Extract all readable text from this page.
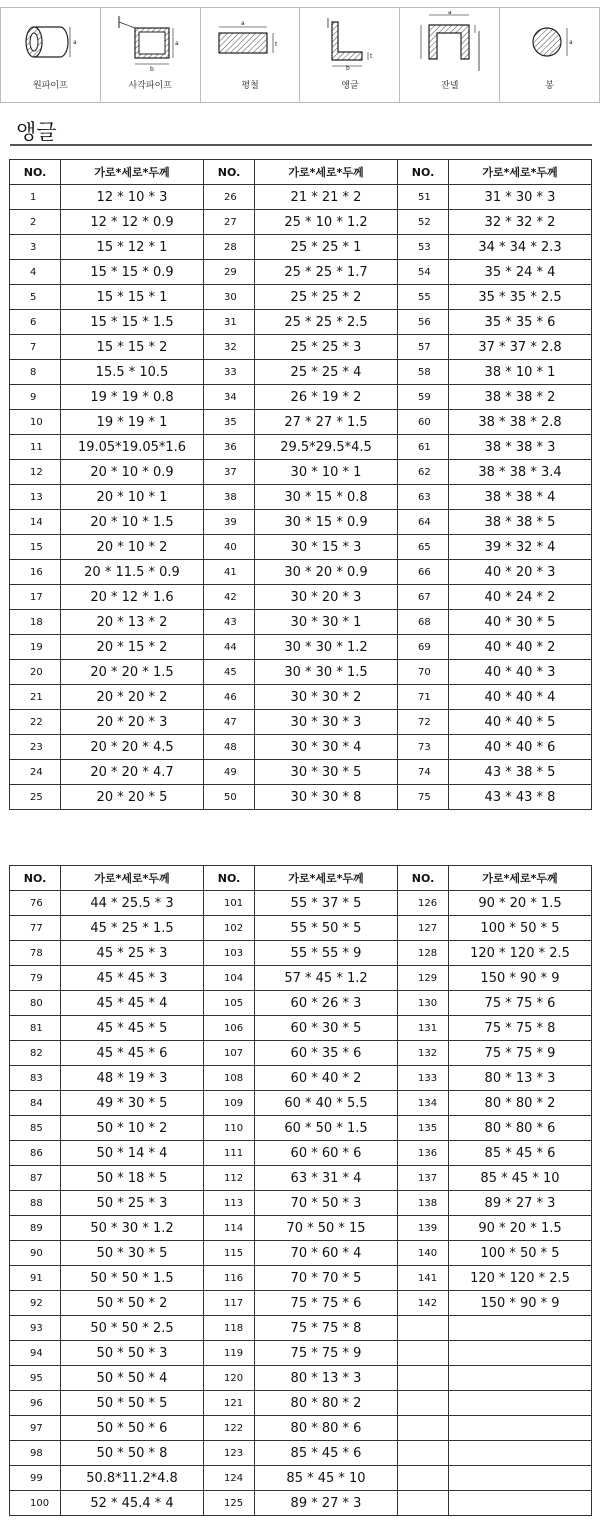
a
원파이프
a
b
사각파이프
a
t
평철
t
b
앵글
a
잔넬
a
봉
앵글
NO.	가로*세로*두께	NO.	가로*세로*두께	NO.	가로*세로*두께
1	12 * 10 * 3	26	21 * 21 * 2	51	31 * 30 * 3
2	12 * 12 * 0.9	27	25 * 10 * 1.2	52	32 * 32 * 2
3	15 * 12 * 1	28	25 * 25 * 1	53	34 * 34 * 2.3
4	15 * 15 * 0.9	29	25 * 25 * 1.7	54	35 * 24 * 4
5	15 * 15 * 1	30	25 * 25 * 2	55	35 * 35 * 2.5
6	15 * 15 * 1.5	31	25 * 25 * 2.5	56	35 * 35 * 6
7	15 * 15 * 2	32	25 * 25 * 3	57	37 * 37 * 2.8
8	15.5 * 10.5	33	25 * 25 * 4	58	38 * 10 * 1
9	19 * 19 * 0.8	34	26 * 19 * 2	59	38 * 38 * 2
10	19 * 19 * 1	35	27 * 27 * 1.5	60	38 * 38 * 2.8
11	19.05*19.05*1.6	36	29.5*29.5*4.5	61	38 * 38 * 3
12	20 * 10 * 0.9	37	30 * 10 * 1	62	38 * 38 * 3.4
13	20 * 10 * 1	38	30 * 15 * 0.8	63	38 * 38 * 4
14	20 * 10 * 1.5	39	30 * 15 * 0.9	64	38 * 38 * 5
15	20 * 10 * 2	40	30 * 15 * 3	65	39 * 32 * 4
16	20 * 11.5 * 0.9	41	30 * 20 * 0.9	66	40 * 20 * 3
17	20 * 12 * 1.6	42	30 * 20 * 3	67	40 * 24 * 2
18	20 * 13 * 2	43	30 * 30 * 1	68	40 * 30 * 5
19	20 * 15 * 2	44	30 * 30 * 1.2	69	40 * 40 * 2
20	20 * 20 * 1.5	45	30 * 30 * 1.5	70	40 * 40 * 3
21	20 * 20 * 2	46	30 * 30 * 2	71	40 * 40 * 4
22	20 * 20 * 3	47	30 * 30 * 3	72	40 * 40 * 5
23	20 * 20 * 4.5	48	30 * 30 * 4	73	40 * 40 * 6
24	20 * 20 * 4.7	49	30 * 30 * 5	74	43 * 38 * 5
25	20 * 20 * 5	50	30 * 30 * 8	75	43 * 43 * 8
NO.	가로*세로*두께	NO.	가로*세로*두께	NO.	가로*세로*두께
76	44 * 25.5 * 3	101	55 * 37 * 5	126	90 * 20 * 1.5
77	45 * 25 * 1.5	102	55 * 50 * 5	127	100 * 50 * 5
78	45 * 25 * 3	103	55 * 55 * 9	128	120 * 120 * 2.5
79	45 * 45 * 3	104	57 * 45 * 1.2	129	150 * 90 * 9
80	45 * 45 * 4	105	60 * 26 * 3	130	75 * 75 * 6
81	45 * 45 * 5	106	60 * 30 * 5	131	75 * 75 * 8
82	45 * 45 * 6	107	60 * 35 * 6	132	75 * 75 * 9
83	48 * 19 * 3	108	60 * 40 * 2	133	80 * 13 * 3
84	49 * 30 * 5	109	60 * 40 * 5.5	134	80 * 80 * 2
85	50 * 10 * 2	110	60 * 50 * 1.5	135	80 * 80 * 6
86	50 * 14 * 4	111	60 * 60 * 6	136	85 * 45 * 6
87	50 * 18 * 5	112	63 * 31 * 4	137	85 * 45 * 10
88	50 * 25 * 3	113	70 * 50 * 3	138	89 * 27 * 3
89	50 * 30 * 1.2	114	70 * 50 * 15	139	90 * 20 * 1.5
90	50 * 30 * 5	115	70 * 60 * 4	140	100 * 50 * 5
91	50 * 50 * 1.5	116	70 * 70 * 5	141	120 * 120 * 2.5
92	50 * 50 * 2	117	75 * 75 * 6	142	150 * 90 * 9
93	50 * 50 * 2.5	118	75 * 75 * 8		
94	50 * 50 * 3	119	75 * 75 * 9		
95	50 * 50 * 4	120	80 * 13 * 3		
96	50 * 50 * 5	121	80 * 80 * 2		
97	50 * 50 * 6	122	80 * 80 * 6		
98	50 * 50 * 8	123	85 * 45 * 6		
99	50.8*11.2*4.8	124	85 * 45 * 10		
100	52 * 45.4 * 4	125	89 * 27 * 3		
